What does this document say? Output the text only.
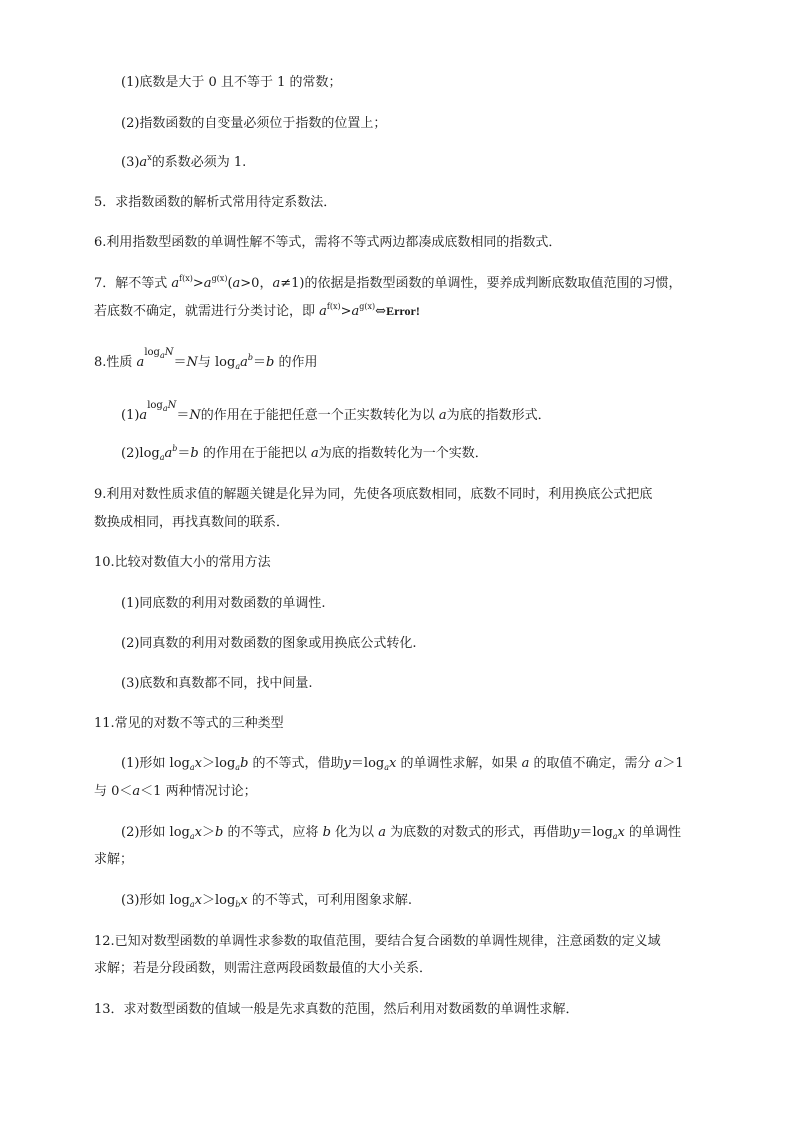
(1)底数是大于 0 且不等于 1 的常数；
(2)指数函数的自变量必须位于指数的位置上；
$(3)a^x$的系数必须为 1.
5．求指数函数的解析式常用待定系数法．
6.利用指数型函数的单调性解不等式，需将不等式两边都凑成底数相同的指数式．
7．解不等式 $a^{f(x)}>a^{g(x)}(a>0$，a≠1)的依据是指数型函数的单调性，要养成判断底数取值范围的习惯，
若底数不确定，就需进行分类讨论，即 $a^{f(x)}>a^{g(x)}\Leftrightarrow Error$!
8.性质 $a^{log_aN}=N$与 $\log_aa^b=b$ 的作用
$(1)a^{log_aN}=N$的作用在于能把任意一个正实数转化为以 a为底的指数形式．
$(2)\log_aa^b=b$ 的作用在于能把以 a为底的指数转化为一个实数．
9.利用对数性质求值的解题关键是化异为同，先使各项底数相同，底数不同时，利用换底公式把底
数换成相同，再找真数间的联系．
10.比较对数值大小的常用方法
(1)同底数的利用对数函数的单调性.
(2)同真数的利用对数函数的图象或用换底公式转化.
(3)底数和真数都不同，找中间量.
11.常见的对数不等式的三种类型
(1)形如 $\log_ax>\log_ab$ 的不等式，借助$y=\log_ax$ 的单调性求解，如果 a 的取值不确定，需分 a＞1
与 0＜a＜1 两种情况讨论；
(2)形如 $\log_ax>b$ 的不等式，应将 b 化为以 a 为底数的对数式的形式，再借助$y=\log_ax$ 的单调性
求解；
(3)形如 $\log_ax>\log_bx$ 的不等式，可利用图象求解.
12.已知对数型函数的单调性求参数的取值范围，要结合复合函数的单调性规律，注意函数的定义域
求解；若是分段函数，则需注意两段函数最值的大小关系．
13．求对数型函数的值域一般是先求真数的范围，然后利用对数函数的单调性求解．
